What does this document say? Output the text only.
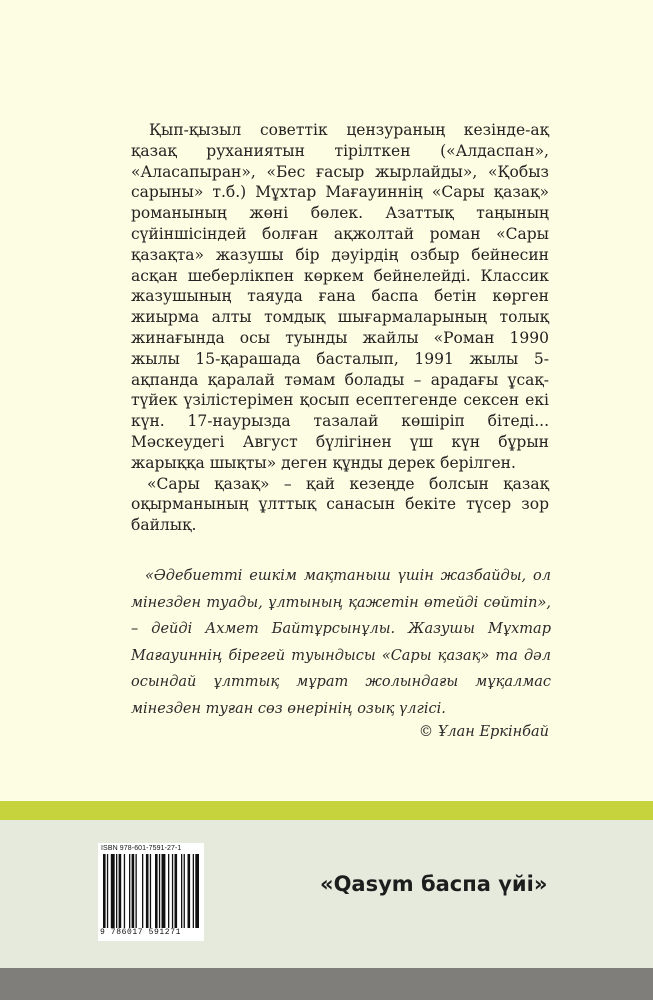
Қып-қызыл советтік цензураның кезінде-ақ қазақ руханиятын тірілткен («Алдаспан», «Аласапыран», «Бес ғасыр жырлайды», «Қобыз сарыны» т.б.) Мұхтар Мағауиннің «Сары қазақ» романының жөні бөлек. Азаттық таңының сүйіншісіндей болған ақжолтай роман «Сары қазақта» жазушы бір дәуірдің озбыр бейнесин асқан шеберлікпен көркем бейнелейді. Классик жазушының таяуда ғана баспа бетін көрген жиырма алты томдық шығармаларының толық жинағында осы туынды жайлы «Роман 1990 жылы 15-қарашада басталып, 1991 жылы 5-ақпанда қаралай тәмам болады – арадағы ұсақ-түйек үзілістерімен қосып есептегенде сексен екі күн. 17-наурызда тазалай көшіріп бітеді... Мәскеудегі Август бүлігінен үш күн бұрын жарыққа шықты» деген құнды дерек берілген.

«Сары қазақ» – қай кезеңде болсын қазақ оқырманының ұлттық санасын бекіте түсер зор байлық.

«Әдебиетті ешкім мақтаныш үшін жазбайды, ол мінезден туады, ұлтының қажетін өтейді сөйтіп», – дейді Ахмет Байтұрсынұлы. Жазушы Мұхтар Мағауиннің бірегей туындысы «Сары қазақ» та дәл осындай ұлттық мұрат жолындағы мұқалмас мінезден туған сөз өнерінің озық үлгісі.

© Ұлан Еркінбай
ISBN 978-601-7591-27-1
9 786017 591271
«Qasym баспа үйі»
